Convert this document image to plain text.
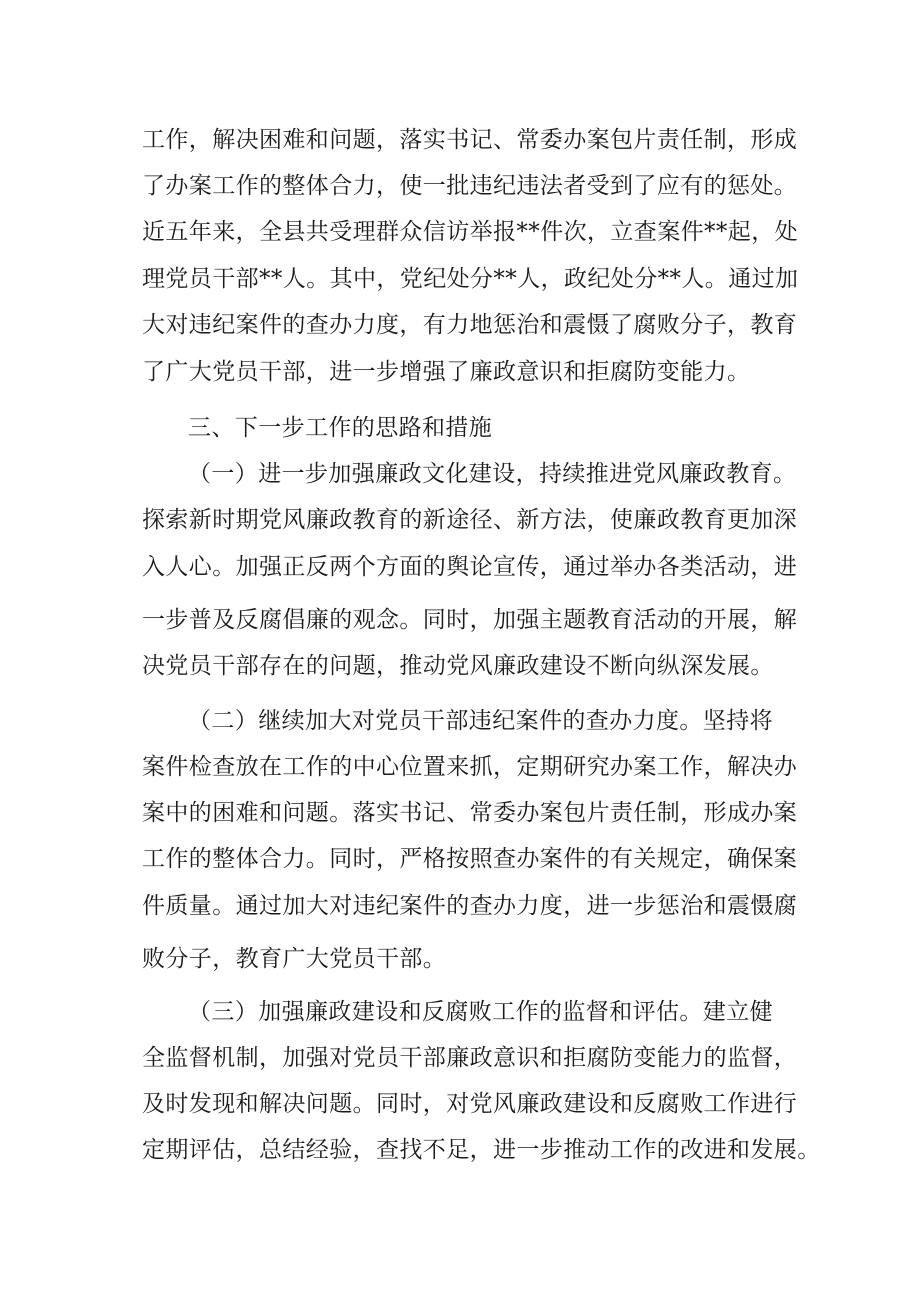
工作，解决困难和问题，落实书记、常委办案包片责任制，形成
了办案工作的整体合力，使一批违纪违法者受到了应有的惩处。
近五年来，全县共受理群众信访举报**件次，立查案件**起，处
理党员干部**人。其中，党纪处分**人，政纪处分**人。通过加
大对违纪案件的查办力度，有力地惩治和震慑了腐败分子，教育
了广大党员干部，进一步增强了廉政意识和拒腐防变能力。
三、下一步工作的思路和措施
（一）进一步加强廉政文化建设，持续推进党风廉政教育。
探索新时期党风廉政教育的新途径、新方法，使廉政教育更加深
入人心。加强正反两个方面的舆论宣传，通过举办各类活动，进
一步普及反腐倡廉的观念。同时，加强主题教育活动的开展，解
决党员干部存在的问题，推动党风廉政建设不断向纵深发展。
（二）继续加大对党员干部违纪案件的查办力度。坚持将
案件检查放在工作的中心位置来抓，定期研究办案工作，解决办
案中的困难和问题。落实书记、常委办案包片责任制，形成办案
工作的整体合力。同时，严格按照查办案件的有关规定，确保案
件质量。通过加大对违纪案件的查办力度，进一步惩治和震慑腐
败分子，教育广大党员干部。
（三）加强廉政建设和反腐败工作的监督和评估。建立健
全监督机制，加强对党员干部廉政意识和拒腐防变能力的监督，
及时发现和解决问题。同时，对党风廉政建设和反腐败工作进行
定期评估，总结经验，查找不足，进一步推动工作的改进和发展。
